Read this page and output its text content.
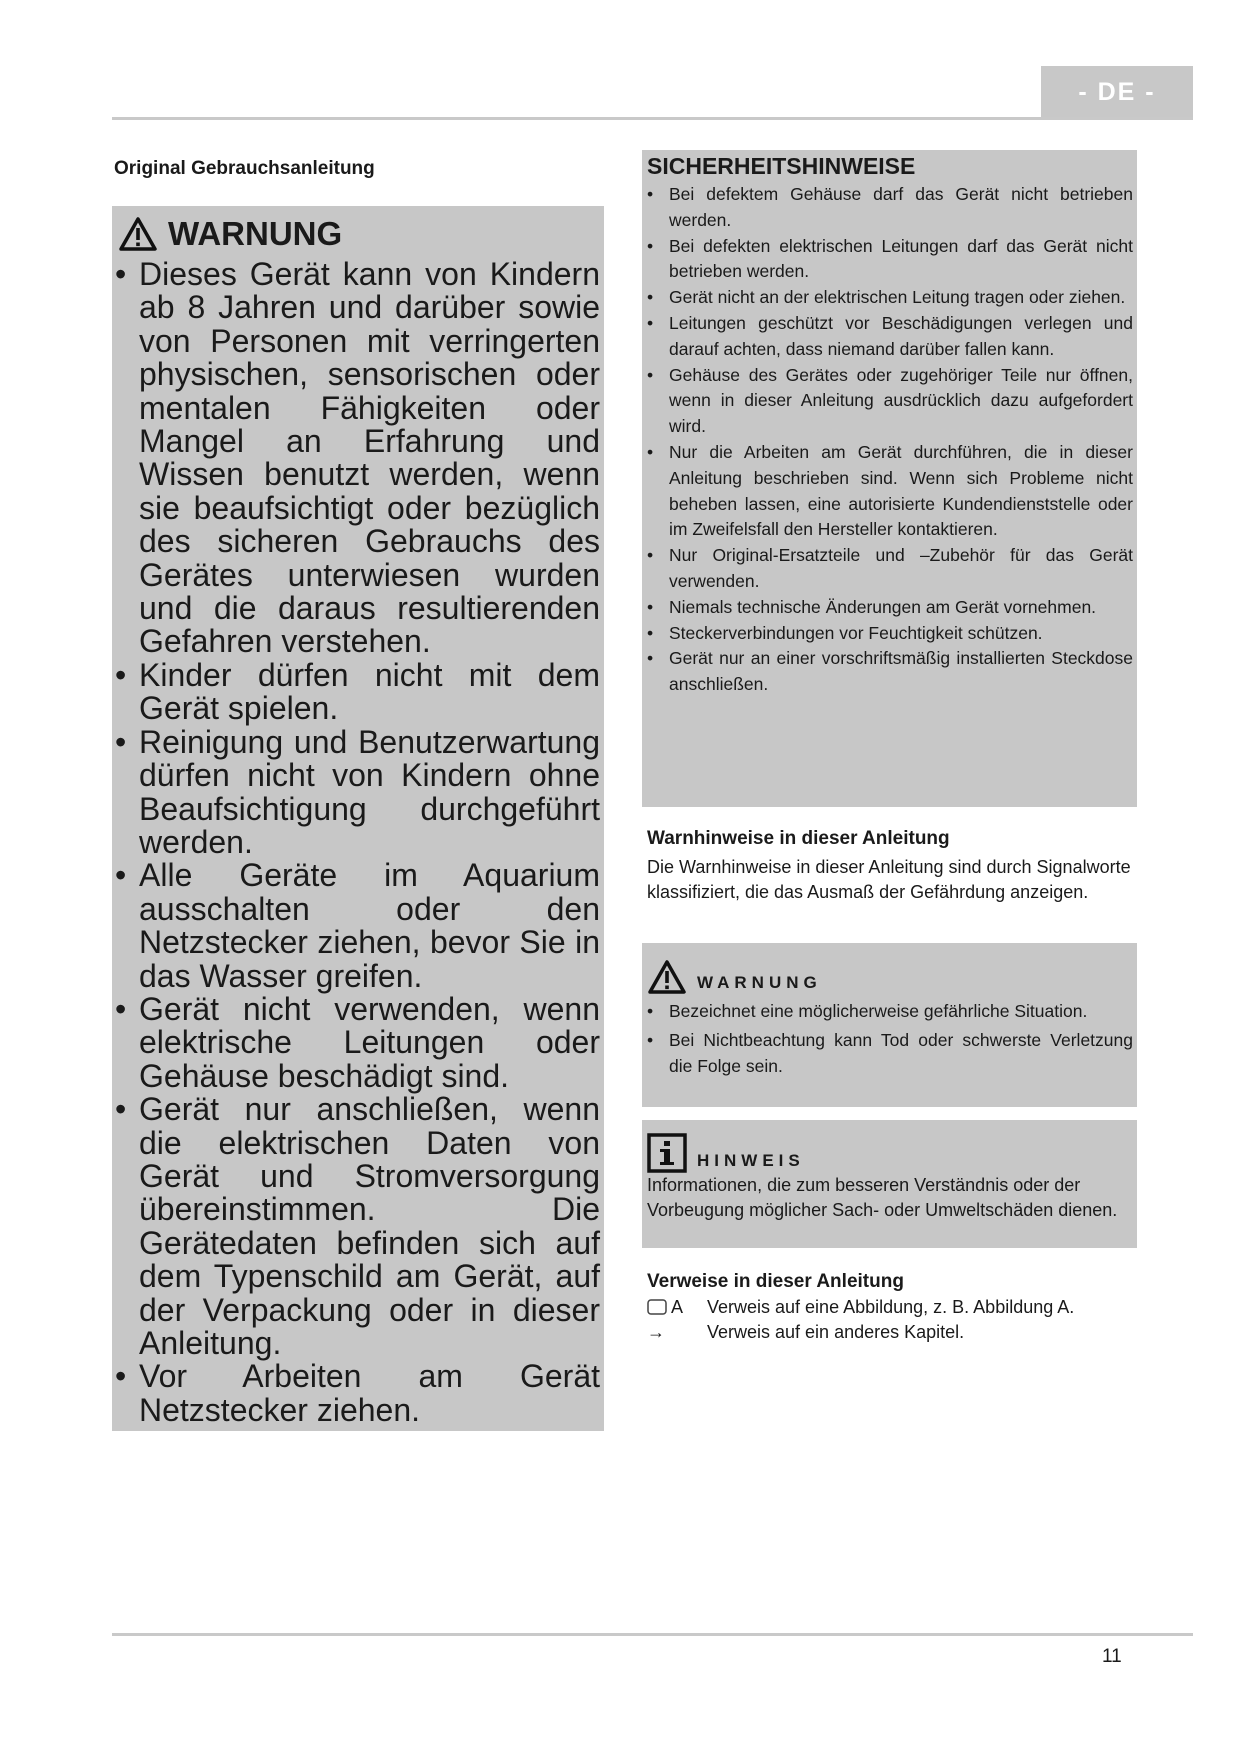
- DE -
Original Gebrauchsanleitung
WARNUNG
• Dieses Gerät kann von Kindern ab 8 Jahren und darüber sowie von Personen mit verringerten physischen, sensorischen oder mentalen Fähigkeiten oder Mangel an Erfahrung und Wissen benutzt werden, wenn sie beaufsichtigt oder bezüglich des sicheren Gebrauchs des Gerätes unterwiesen wurden und die daraus resultierenden Gefahren verstehen.
• Kinder dürfen nicht mit dem Gerät spielen.
• Reinigung und Benutzerwartung dürfen nicht von Kindern ohne Beaufsichtigung durchgeführt werden.
• Alle Geräte im Aquarium ausschalten oder den Netzstecker ziehen, bevor Sie in das Wasser greifen.
• Gerät nicht verwenden, wenn elektrische Leitungen oder Gehäuse beschädigt sind.
• Gerät nur anschließen, wenn die elektrischen Daten von Gerät und Stromversorgung übereinstimmen. Die Gerätedaten befinden sich auf dem Typenschild am Gerät, auf der Verpackung oder in dieser Anleitung.
• Vor Arbeiten am Gerät Netzstecker ziehen.
SICHERHEITSHINWEISE
• Bei defektem Gehäuse darf das Gerät nicht betrieben werden.
• Bei defekten elektrischen Leitungen darf das Gerät nicht betrieben werden.
• Gerät nicht an der elektrischen Leitung tragen oder ziehen.
• Leitungen geschützt vor Beschädigungen verlegen und darauf achten, dass niemand darüber fallen kann.
• Gehäuse des Gerätes oder zugehöriger Teile nur öffnen, wenn in dieser Anleitung ausdrücklich dazu aufgefordert wird.
• Nur die Arbeiten am Gerät durchführen, die in dieser Anleitung beschrieben sind. Wenn sich Probleme nicht beheben lassen, eine autorisierte Kundendienststelle oder im Zweifelsfall den Hersteller kontaktieren.
• Nur Original-Ersatzteile und –Zubehör für das Gerät verwenden.
• Niemals technische Änderungen am Gerät vornehmen.
• Steckerverbindungen vor Feuchtigkeit schützen.
• Gerät nur an einer vorschriftsmäßig installierten Steckdose anschließen.
Warnhinweise in dieser Anleitung
Die Warnhinweise in dieser Anleitung sind durch Signalworte klassifiziert, die das Ausmaß der Gefährdung anzeigen.
WARNUNG
• Bezeichnet eine möglicherweise gefährliche Situation.
• Bei Nichtbeachtung kann Tod oder schwerste Verletzung die Folge sein.
HINWEIS
Informationen, die zum besseren Verständnis oder der Vorbeugung möglicher Sach- oder Umweltschäden dienen.
Verweise in dieser Anleitung
A	Verweis auf eine Abbildung, z. B. Abbildung A.
→	Verweis auf ein anderes Kapitel.
11
